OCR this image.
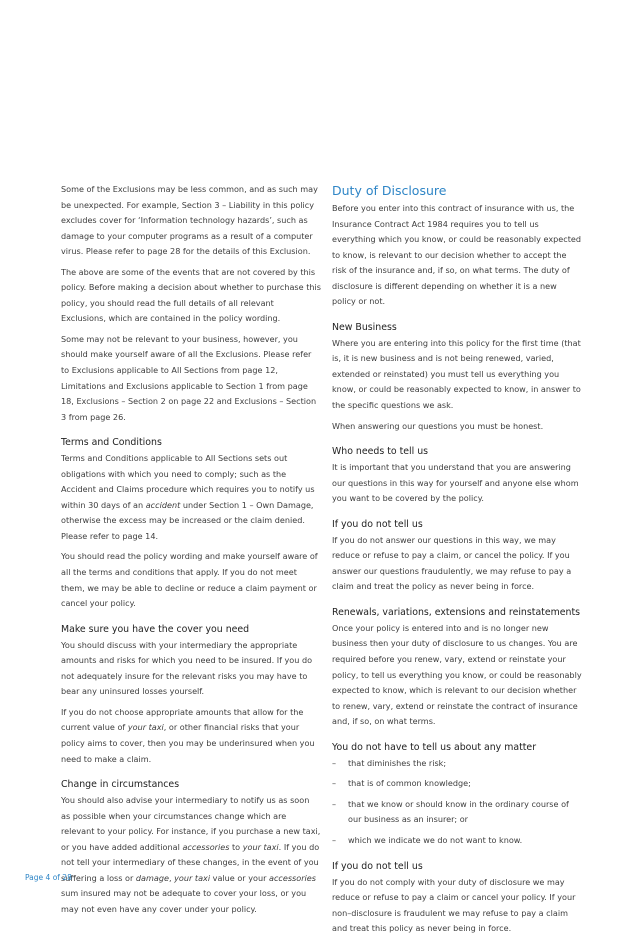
Some of the Exclusions may be less common, and as such may be unexpected. For example, Section 3 – Liability in this policy excludes cover for ‘Information technology hazards’, such as damage to your computer programs as a result of a computer virus. Please refer to page 28 for the details of this Exclusion.

The above are some of the events that are not covered by this policy. Before making a decision about whether to purchase this policy, you should read the full details of all relevant Exclusions, which are contained in the policy wording.

Some may not be relevant to your business, however, you should make yourself aware of all the Exclusions. Please refer to Exclusions applicable to All Sections from page 12, Limitations and Exclusions applicable to Section 1 from page 18, Exclusions – Section 2 on page 22 and Exclusions – Section 3 from page 26.

Terms and Conditions

Terms and Conditions applicable to All Sections sets out obligations with which you need to comply; such as the Accident and Claims procedure which requires you to notify us within 30 days of an accident under Section 1 – Own Damage, otherwise the excess may be increased or the claim denied. Please refer to page 14.

You should read the policy wording and make yourself aware of all the terms and conditions that apply. If you do not meet them, we may be able to decline or reduce a claim payment or cancel your policy.

Make sure you have the cover you need

You should discuss with your intermediary the appropriate amounts and risks for which you need to be insured. If you do not adequately insure for the relevant risks you may have to bear any uninsured losses yourself.

If you do not choose appropriate amounts that allow for the current value of your taxi, or other financial risks that your policy aims to cover, then you may be underinsured when you need to make a claim.

Change in circumstances

You should also advise your intermediary to notify us as soon as possible when your circumstances change which are relevant to your policy. For instance, if you purchase a new taxi, or you have added additional accessories to your taxi. If you do not tell your intermediary of these changes, in the event of you suffering a loss or damage, your taxi value or your accessories sum insured may not be adequate to cover your loss, or you may not even have any cover under your policy.

Duty of Disclosure

Before you enter into this contract of insurance with us, the Insurance Contract Act 1984 requires you to tell us everything which you know, or could be reasonably expected to know, is relevant to our decision whether to accept the risk of the insurance and, if so, on what terms. The duty of disclosure is different depending on whether it is a new policy or not.

New Business

Where you are entering into this policy for the first time (that is, it is new business and is not being renewed, varied, extended or reinstated) you must tell us everything you know, or could be reasonably expected to know, in answer to the specific questions we ask.

When answering our questions you must be honest.

Who needs to tell us

It is important that you understand that you are answering our questions in this way for yourself and anyone else whom you want to be covered by the policy.

If you do not tell us

If you do not answer our questions in this way, we may reduce or refuse to pay a claim, or cancel the policy. If you answer our questions fraudulently, we may refuse to pay a claim and treat the policy as never being in force.

Renewals, variations, extensions and reinstatements

Once your policy is entered into and is no longer new business then your duty of disclosure to us changes. You are required before you renew, vary, extend or reinstate your policy, to tell us everything you know, or could be reasonably expected to know, which is relevant to our decision whether to renew, vary, extend or reinstate the contract of insurance and, if so, on what terms.

You do not have to tell us about any matter
– that diminishes the risk;
– that is of common knowledge;
– that we know or should know in the ordinary course of our business as an insurer; or
– which we indicate we do not want to know.
If you do not tell us

If you do not comply with your duty of disclosure we may reduce or refuse to pay a claim or cancel your policy. If your non–disclosure is fraudulent we may refuse to pay a claim and treat this policy as never being in force.

Page 4 of 28
